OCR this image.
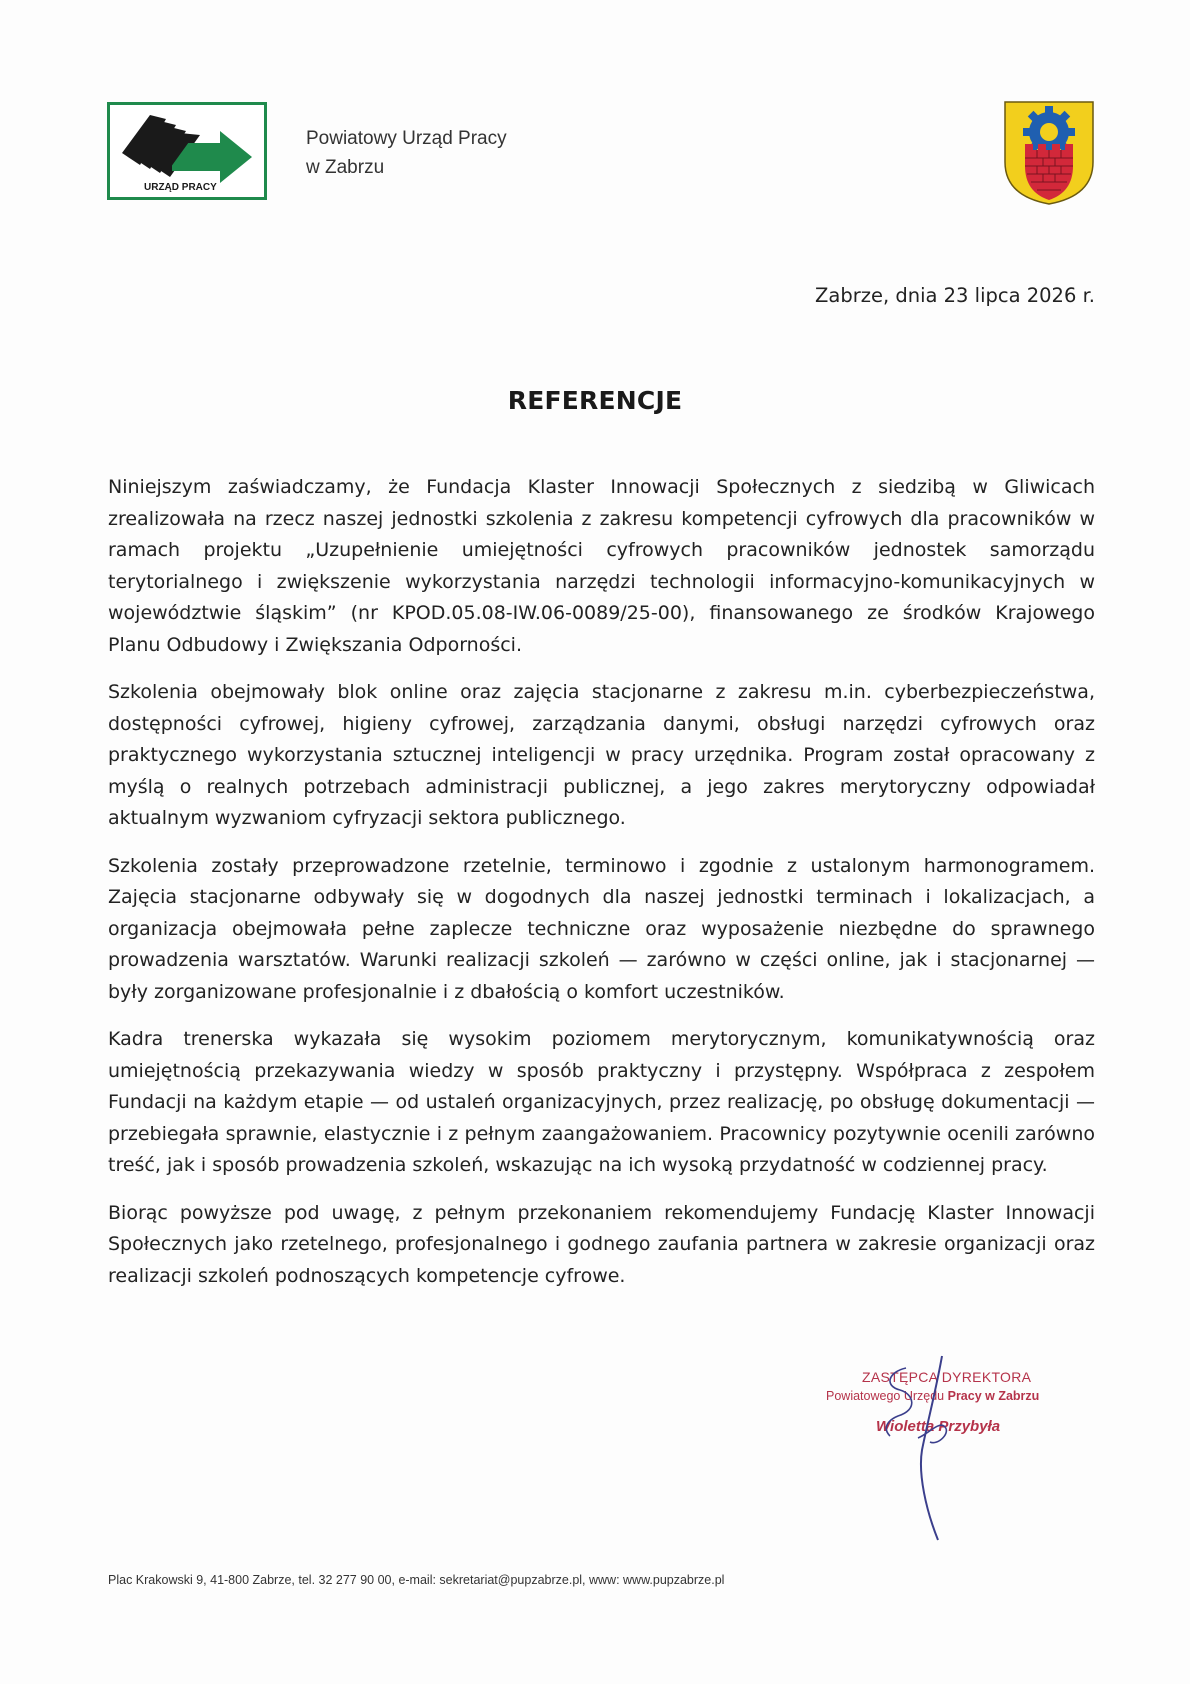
URZĄD PRACY
Powiatowy Urząd Pracy
w Zabrzu
Zabrze, dnia 23 lipca 2026 r.
REFERENCJE

Niniejszym zaświadczamy, że Fundacja Klaster Innowacji Społecznych z siedzibą w Gliwicach zrealizowała na rzecz naszej jednostki szkolenia z zakresu kompetencji cyfrowych dla pracowników w ramach projektu „Uzupełnienie umiejętności cyfrowych pracowników jednostek samorządu terytorialnego i zwiększenie wykorzystania narzędzi technologii informacyjno-komunikacyjnych w województwie śląskim” (nr KPOD.05.08-IW.06-0089/25-00), finansowanego ze środków Krajowego Planu Odbudowy i Zwiększania Odporności.

Szkolenia obejmowały blok online oraz zajęcia stacjonarne z zakresu m.in. cyberbezpieczeństwa, dostępności cyfrowej, higieny cyfrowej, zarządzania danymi, obsługi narzędzi cyfrowych oraz praktycznego wykorzystania sztucznej inteligencji w pracy urzędnika. Program został opracowany z myślą o realnych potrzebach administracji publicznej, a jego zakres merytoryczny odpowiadał aktualnym wyzwaniom cyfryzacji sektora publicznego.

Szkolenia zostały przeprowadzone rzetelnie, terminowo i zgodnie z ustalonym harmonogramem. Zajęcia stacjonarne odbywały się w dogodnych dla naszej jednostki terminach i lokalizacjach, a organizacja obejmowała pełne zaplecze techniczne oraz wyposażenie niezbędne do sprawnego prowadzenia warsztatów. Warunki realizacji szkoleń — zarówno w części online, jak i stacjonarnej — były zorganizowane profesjonalnie i z dbałością o komfort uczestników.

Kadra trenerska wykazała się wysokim poziomem merytorycznym, komunikatywnością oraz umiejętnością przekazywania wiedzy w sposób praktyczny i przystępny. Współpraca z zespołem Fundacji na każdym etapie — od ustaleń organizacyjnych, przez realizację, po obsługę dokumentacji — przebiegała sprawnie, elastycznie i z pełnym zaangażowaniem. Pracownicy pozytywnie ocenili zarówno treść, jak i sposób prowadzenia szkoleń, wskazując na ich wysoką przydatność w codziennej pracy.

Biorąc powyższe pod uwagę, z pełnym przekonaniem rekomendujemy Fundację Klaster Innowacji Społecznych jako rzetelnego, profesjonalnego i godnego zaufania partnera w zakresie organizacji oraz realizacji szkoleń podnoszących kompetencje cyfrowe.

ZASTĘPCA DYREKTORA
Powiatowego Urzędu Pracy w Zabrzu
Wioletta Przybyła
Plac Krakowski 9, 41-800 Zabrze, tel. 32 277 90 00, e-mail: sekretariat@pupzabrze.pl, www: www.pupzabrze.pl
